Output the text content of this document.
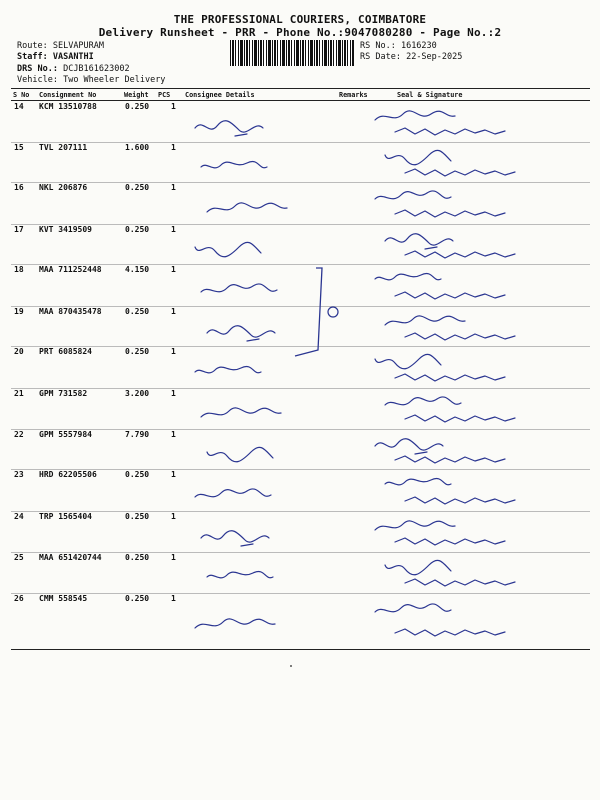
THE PROFESSIONAL COURIERS, COIMBATORE
Delivery Runsheet - PRR - Phone No.:9047080280 - Page No.:2
Route: SELVAPURAM
Staff: VASANTHI
DRS No.: DCJB161623002
Vehicle: Two Wheeler Delivery
RS No.: 1616230
RS Date: 22-Sep-2025
S No Consignment No	Weight PCS Consignee Details	Remarks	Seal & Signature
14 KCM 13510788	0.250	1
15 TVL 207111	1.600	1
16 NKL 206876	0.250	1
17 KVT 3419509	0.250	1
18 MAA 711252448	4.150	1
19 MAA 870435478	0.250	1
20 PRT 6085824	0.250	1
21 GPM 731582	3.200	1
22 GPM 5557984	7.790	1
23 HRD 62205506	0.250	1
24 TRP 1565404	0.250	1
25 MAA 651420744	0.250	1
26 CMM 558545	0.250	1
